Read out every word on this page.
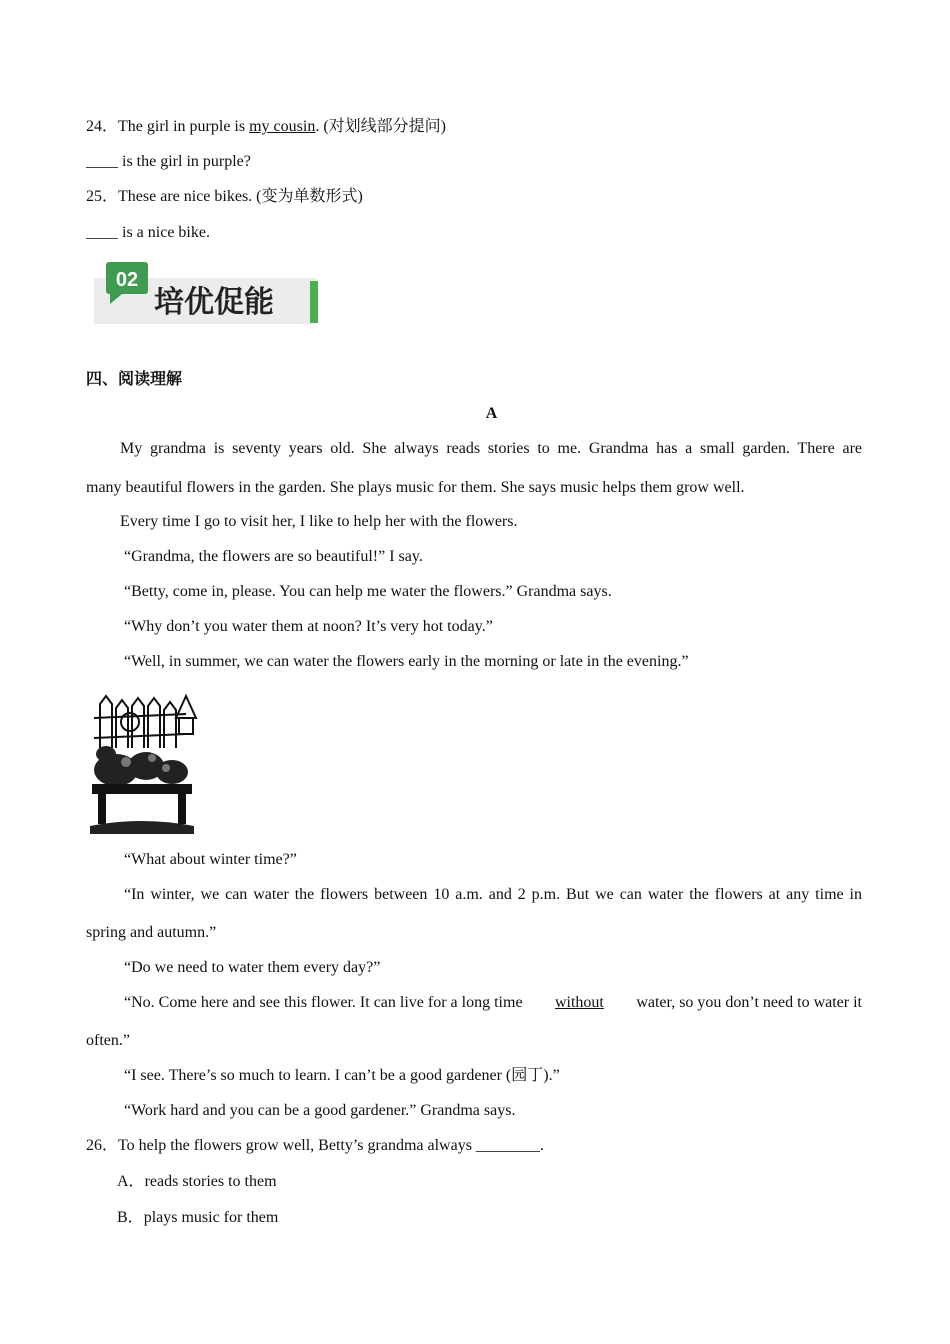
24．The girl in purple is my cousin. (对划线部分提问)
____ is the girl in purple?
25．These are nice bikes. (变为单数形式)
____ is a nice bike.
02
培优促能
四、阅读理解
A
My grandma is seventy years old. She always reads stories to me. Grandma has a small garden. There are
many beautiful flowers in the garden. She plays music for them. She says music helps them grow well.
Every time I go to visit her, I like to help her with the flowers.
“Grandma, the flowers are so beautiful!” I say.
“Betty, come in, please. You can help me water the flowers.” Grandma says.
“Why don’t you water them at noon? It’s very hot today.”
“Well, in summer, we can water the flowers early in the morning or late in the evening.”
“What about winter time?”
“In winter, we can water the flowers between 10 a.m. and 2 p.m. But we can water the flowers at any time in
spring and autumn.”
“Do we need to water them every day?”
“No. Come here and see this flower. It can live for a long time without water, so you don’t need to water it
often.”
“I see. There’s so much to learn. I can’t be a good gardener (园丁).”
“Work hard and you can be a good gardener.” Grandma says.
26．To help the flowers grow well, Betty’s grandma always ________.
A．reads stories to them
B．plays music for them
